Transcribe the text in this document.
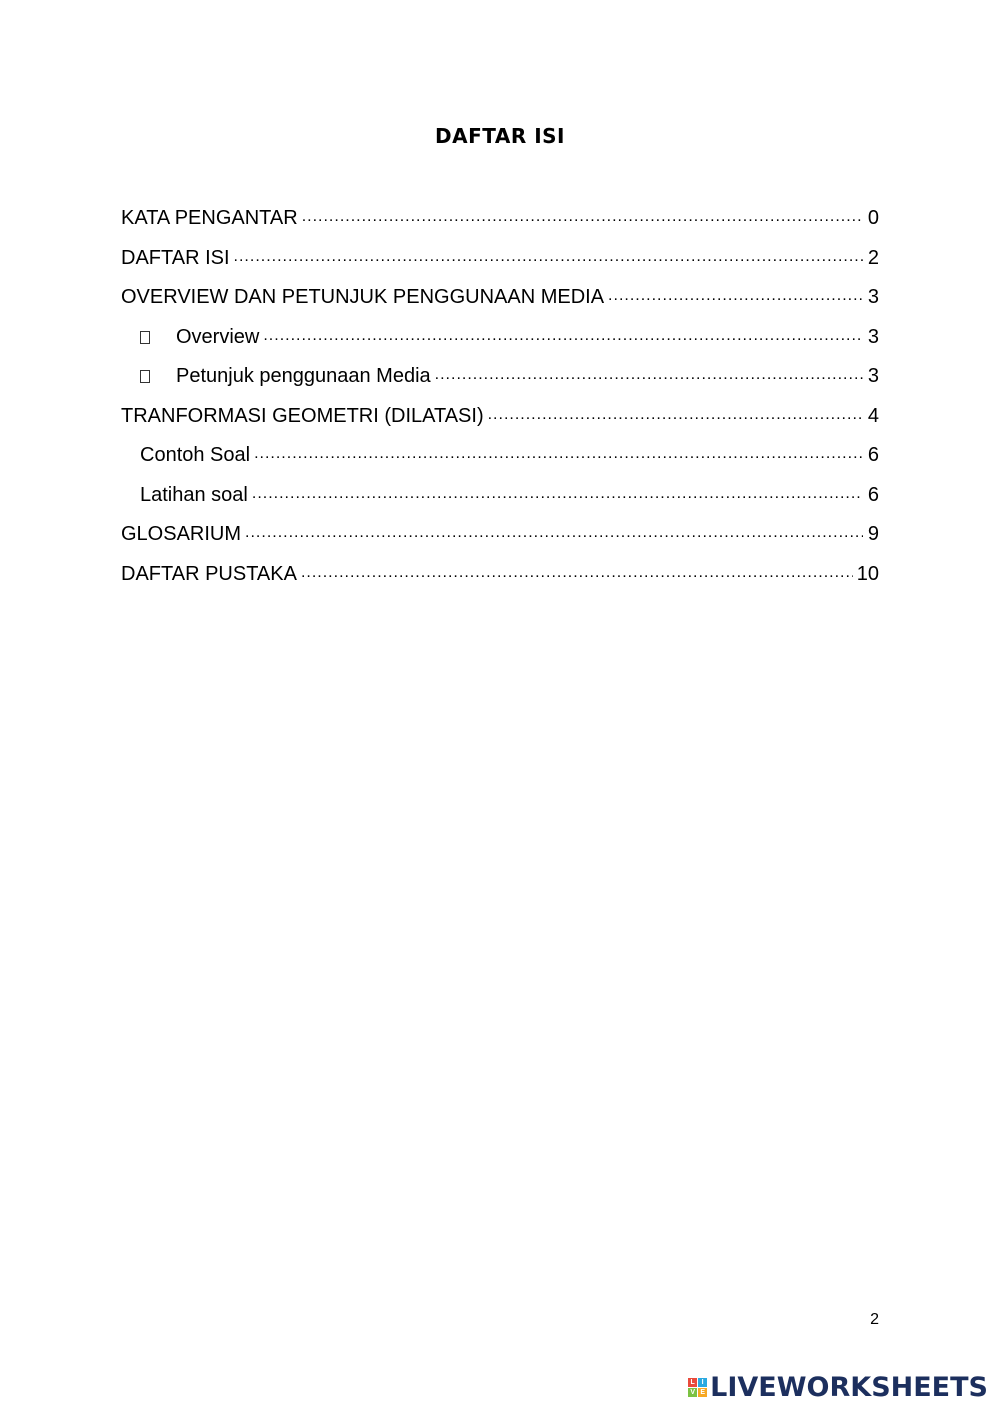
DAFTAR ISI
KATA PENGANTAR .....	0
DAFTAR ISI .....	2
OVERVIEW DAN PETUNJUK PENGGUNAAN MEDIA .....	3
Overview .....	3
Petunjuk penggunaan Media .....	3
TRANFORMASI GEOMETRI (DILATASI) .....	4
Contoh Soal .....	6
Latihan soal .....	6
GLOSARIUM .....	9
DAFTAR PUSTAKA .....	10
2
L I
V E LIVEWORKSHEETS
